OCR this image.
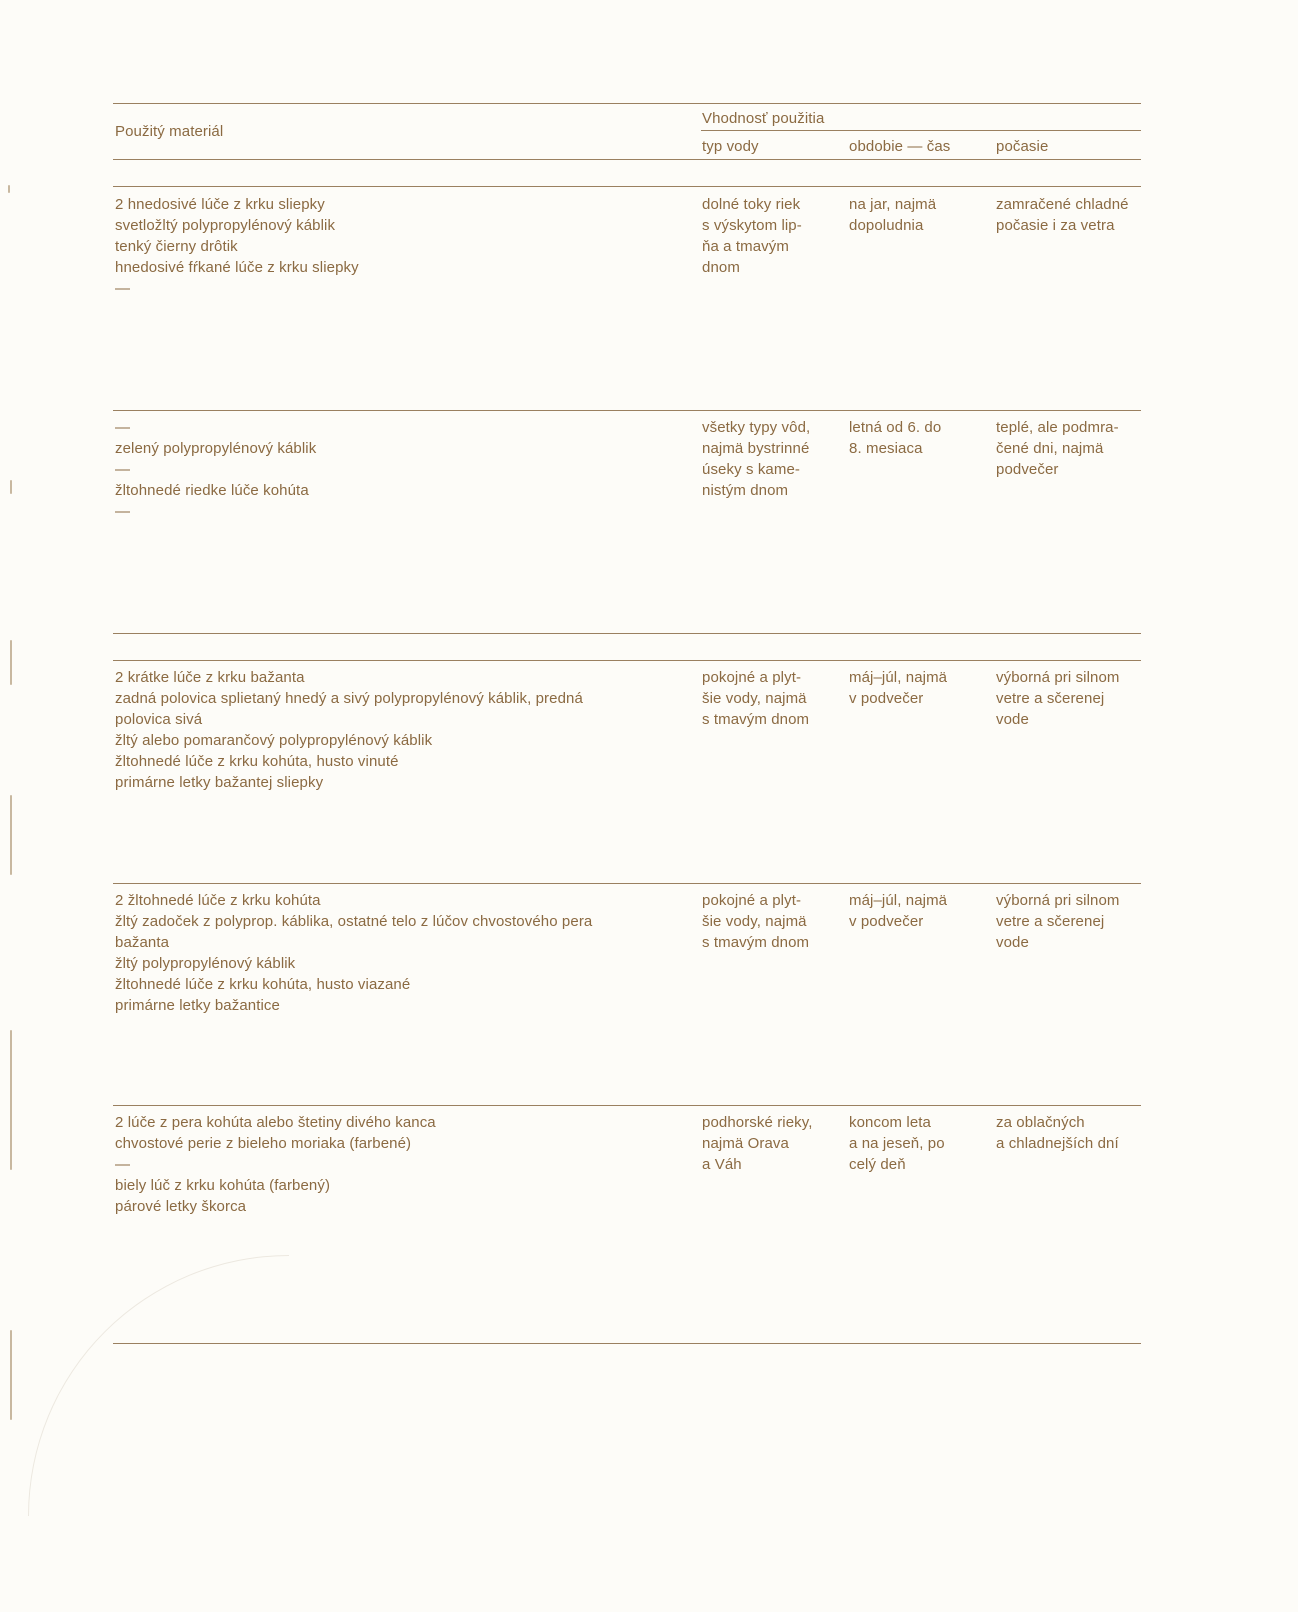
Použitý materiál
Vhodnosť použitia
typ vody	obdobie — čas	počasie
2 hnedosivé lúče z krku sliepky
svetložltý polypropylénový káblik
tenký čierny drôtik
hnedosivé fŕkané lúče z krku sliepky
—
dolné toky riek
s výskytom lip-
ňa a tmavým
dnom
na jar, najmä
dopoludnia
zamračené chladné
počasie i za vetra
—
zelený polypropylénový káblik
—
žltohnedé riedke lúče kohúta
—
všetky typy vôd,
najmä bystrinné
úseky s kame-
nistým dnom
letná od 6. do
8. mesiaca
teplé, ale podmra-
čené dni, najmä
podvečer
2 krátke lúče z krku bažanta
zadná polovica splietaný hnedý a sivý polypropylénový káblik, predná
polovica sivá
žltý alebo pomarančový polypropylénový káblik
žltohnedé lúče z krku kohúta, husto vinuté
primárne letky bažantej sliepky
pokojné a plyt-
šie vody, najmä
s tmavým dnom
máj–júl, najmä
v podvečer
výborná pri silnom
vetre a sčerenej
vode
2 žltohnedé lúče z krku kohúta
žltý zadoček z polyprop. káblika, ostatné telo z lúčov chvostového pera
bažanta
žltý polypropylénový káblik
žltohnedé lúče z krku kohúta, husto viazané
primárne letky bažantice
pokojné a plyt-
šie vody, najmä
s tmavým dnom
máj–júl, najmä
v podvečer
výborná pri silnom
vetre a sčerenej
vode
2 lúče z pera kohúta alebo štetiny divého kanca
chvostové perie z bieleho moriaka (farbené)
—
biely lúč z krku kohúta (farbený)
párové letky škorca
podhorské rieky,
najmä Orava
a Váh
koncom leta
a na jeseň, po
celý deň
za oblačných
a chladnejších dní
